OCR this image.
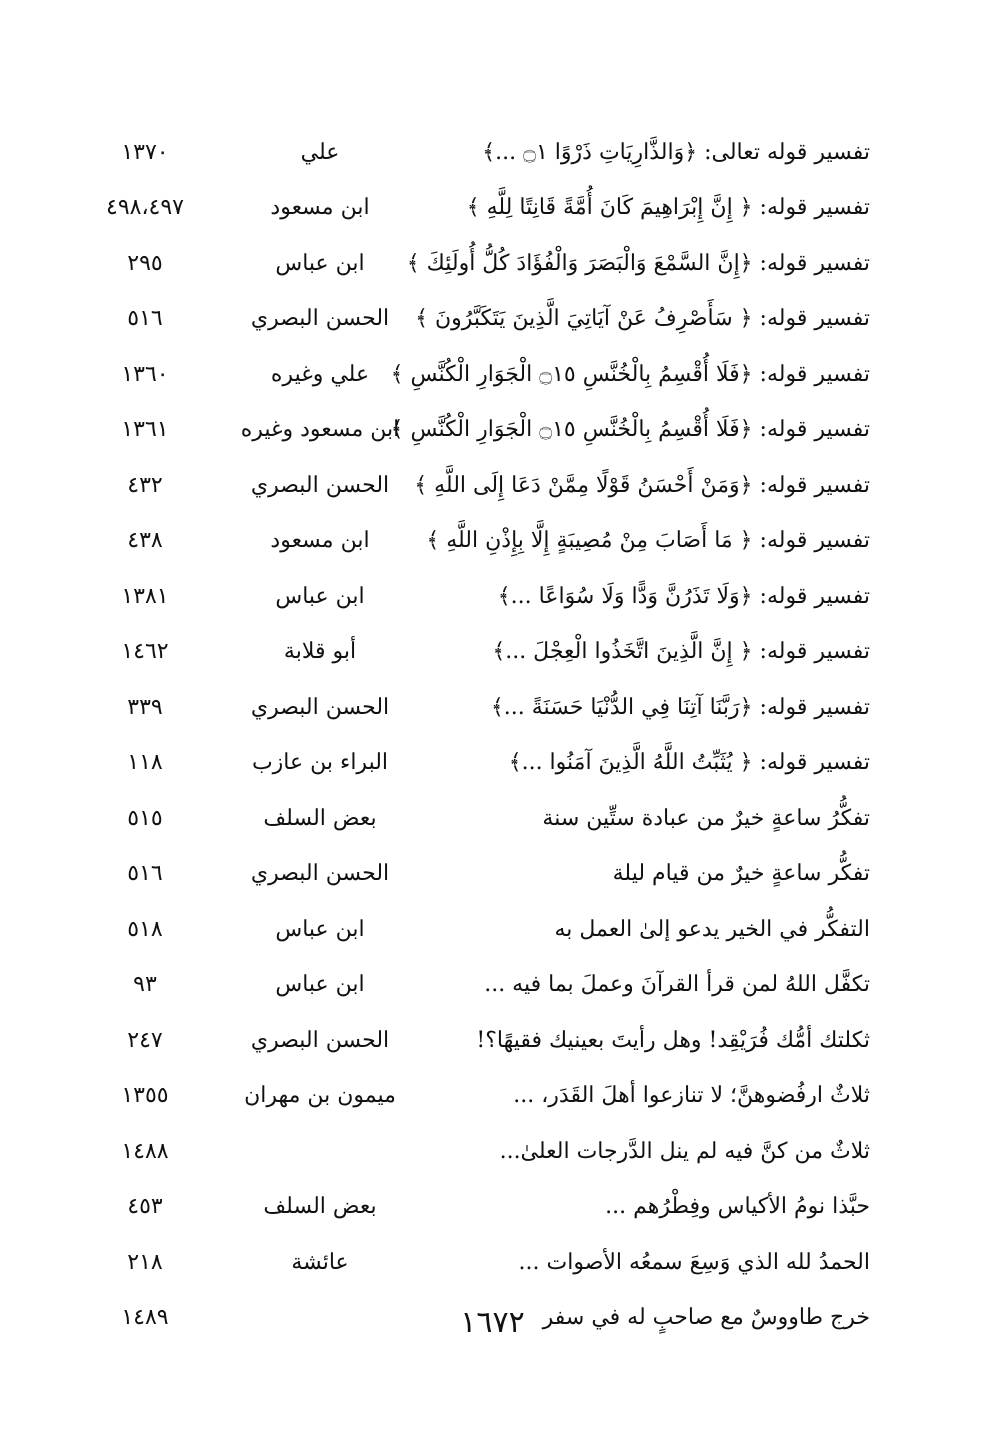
تفسير قوله تعالى: ﴿وَالذَّارِيَاتِ ذَرْوًا ۝١ ...﴾
علي
١٣٧٠
تفسير قوله: ﴿ إِنَّ إِبْرَاهِيمَ كَانَ أُمَّةً قَانِتًا لِلَّهِ ﴾
ابن مسعود
٤٩٨،٤٩٧
تفسير قوله: ﴿إِنَّ السَّمْعَ وَالْبَصَرَ وَالْفُؤَادَ كُلُّ أُولَئِكَ ﴾
ابن عباس
٢٩٥
تفسير قوله: ﴿ سَأَصْرِفُ عَنْ آيَاتِيَ الَّذِينَ يَتَكَبَّرُونَ ﴾
الحسن البصري
٥١٦
تفسير قوله: ﴿فَلَا أُقْسِمُ بِالْخُنَّسِ ۝١٥ الْجَوَارِ الْكُنَّسِ ﴾
علي وغيره
١٣٦٠
تفسير قوله: ﴿فَلَا أُقْسِمُ بِالْخُنَّسِ ۝١٥ الْجَوَارِ الْكُنَّسِ ﴾
ابن مسعود وغيره
١٣٦١
تفسير قوله: ﴿وَمَنْ أَحْسَنُ قَوْلًا مِمَّنْ دَعَا إِلَى اللَّهِ ﴾
الحسن البصري
٤٣٢
تفسير قوله: ﴿ مَا أَصَابَ مِنْ مُصِيبَةٍ إِلَّا بِإِذْنِ اللَّهِ ﴾
ابن مسعود
٤٣٨
تفسير قوله: ﴿وَلَا تَذَرُنَّ وَدًّا وَلَا سُوَاعًا ...﴾
ابن عباس
١٣٨١
تفسير قوله: ﴿ إِنَّ الَّذِينَ اتَّخَذُوا الْعِجْلَ ...﴾
أبو قلابة
١٤٦٢
تفسير قوله: ﴿رَبَّنَا آتِنَا فِي الدُّنْيَا حَسَنَةً ...﴾
الحسن البصري
٣٣٩
تفسير قوله: ﴿ يُثَبِّتُ اللَّهُ الَّذِينَ آمَنُوا ...﴾
البراء بن عازب
١١٨
تفكُّرُ ساعةٍ خيرٌ من عبادة ستِّين سنة
بعض السلف
٥١٥
تفكُّر ساعةٍ خيرٌ من قيام ليلة
الحسن البصري
٥١٦
التفكُّر في الخير يدعو إلىٰ العمل به
ابن عباس
٥١٨
تكفَّل اللهُ لمن قرأ القرآنَ وعملَ بما فيه ...
ابن عباس
٩٣
ثكلتك أمُّك فُرَيْقِد! وهل رأيتَ بعينيك فقيهًا؟!
الحسن البصري
٢٤٧
ثلاثٌ ارفُضوهنَّ؛ لا تنازعوا أهلَ القَدَر، ...
ميمون بن مهران
١٣٥٥
ثلاثٌ من كنَّ فيه لم ينل الدَّرجات العلىٰ...
١٤٨٨
حبَّذا نومُ الأكياس وفِطْرُهم ...
بعض السلف
٤٥٣
الحمدُ لله الذي وَسِعَ سمعُه الأصوات ...
عائشة
٢١٨
خرج طاووسٌ مع صاحبٍ له في سفر
١٤٨٩	١٦٧٢
